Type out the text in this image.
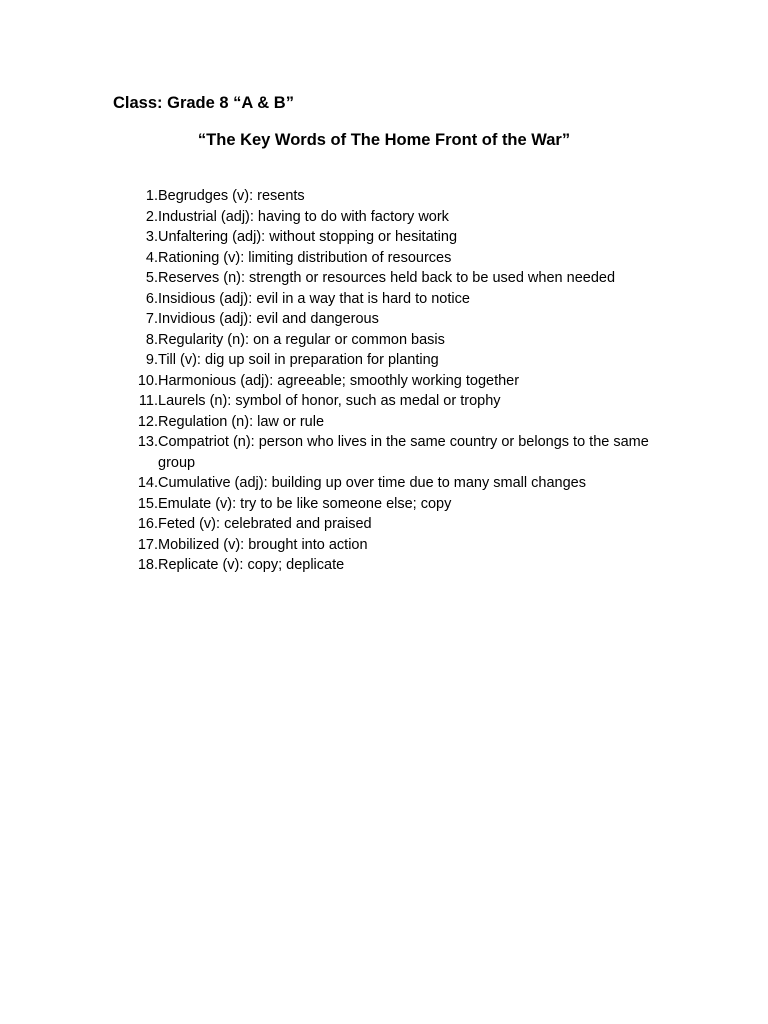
Class: Grade 8 “A & B”

“The Key Words of The Home Front of the War”

1. Begrudges (v): resents
2. Industrial (adj): having to do with factory work
3. Unfaltering (adj): without stopping or hesitating
4. Rationing (v): limiting distribution of resources
5. Reserves (n): strength or resources held back to be used when needed
6. Insidious (adj): evil in a way that is hard to notice
7. Invidious (adj): evil and dangerous
8. Regularity (n): on a regular or common basis
9. Till (v): dig up soil in preparation for planting
10. Harmonious (adj): agreeable; smoothly working together
11. Laurels (n): symbol of honor, such as medal or trophy
12. Regulation (n): law or rule
13. Compatriot (n): person who lives in the same country or belongs to the same group
14. Cumulative (adj): building up over time due to many small changes
15. Emulate (v): try to be like someone else; copy
16. Feted (v): celebrated and praised
17. Mobilized (v): brought into action
18. Replicate (v): copy; deplicate
